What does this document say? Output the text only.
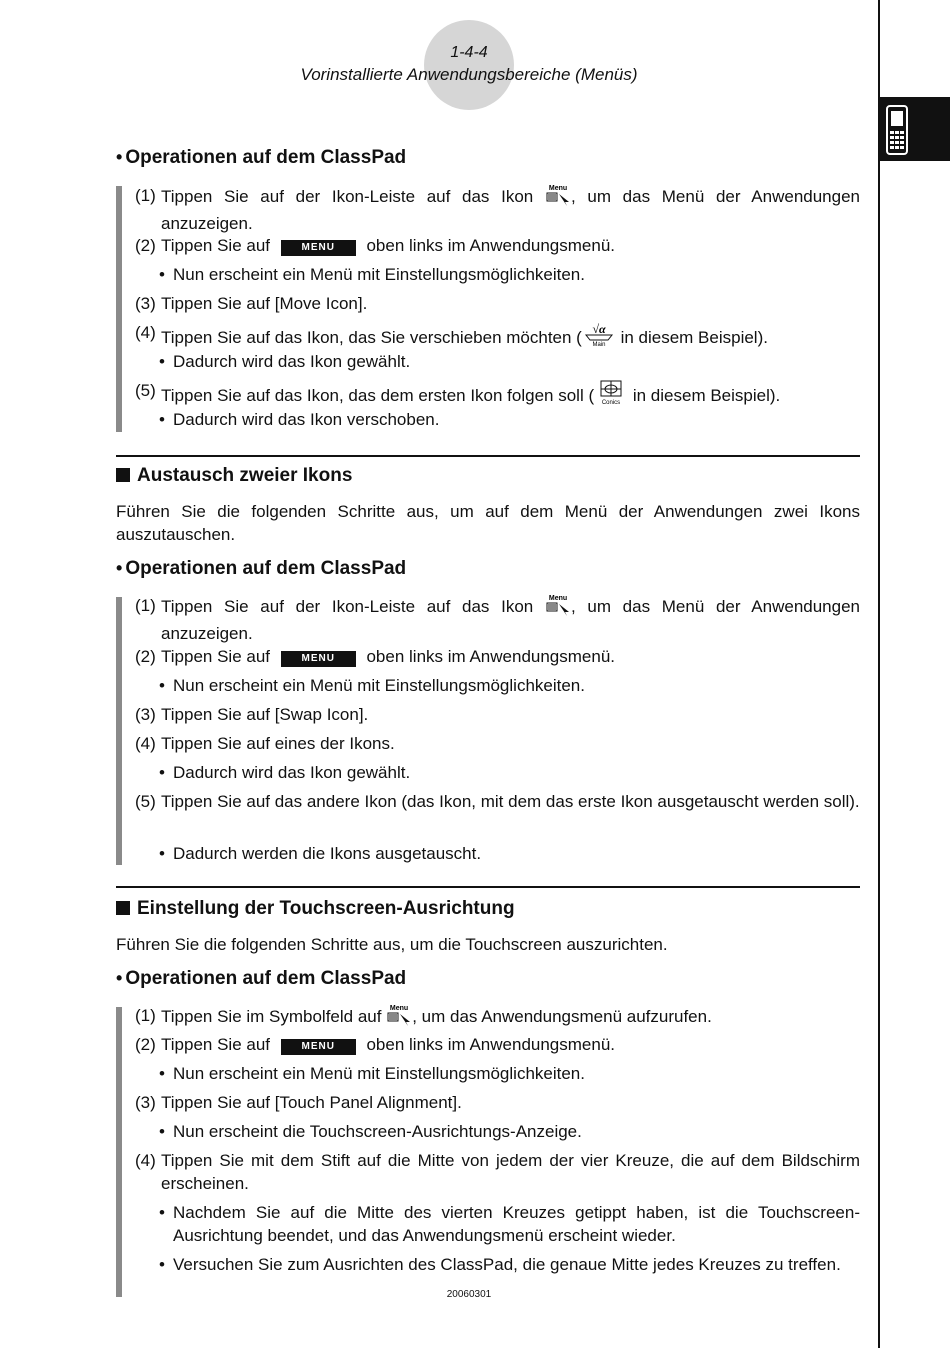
1-4-4
Vorinstallierte Anwendungsbereiche (Menüs)
• Operationen auf dem ClassPad
(1) Tippen Sie auf der Ikon-Leiste auf das Ikon Menu , um das Menü der Anwendungen anzuzeigen.
(2) Tippen Sie auf	MENU oben links im Anwendungsmenü.
• Nun erscheint ein Menü mit Einstellungsmöglichkeiten.
(3) Tippen Sie auf [Move Icon].
(4) Tippen Sie auf das Ikon, das Sie verschieben möchten ( √α
Main in diesem Beispiel).
• Dadurch wird das Ikon gewählt.
(5) Tippen Sie auf das Ikon, das dem ersten Ikon folgen soll ( Conics in diesem Beispiel).
• Dadurch wird das Ikon verschoben.
Austausch zweier Ikons
Führen Sie die folgenden Schritte aus, um auf dem Menü der Anwendungen zwei Ikons auszutauschen.
• Operationen auf dem ClassPad
(1) Tippen Sie auf der Ikon-Leiste auf das Ikon Menu , um das Menü der Anwendungen anzuzeigen.
(2) Tippen Sie auf	MENU oben links im Anwendungsmenü.
• Nun erscheint ein Menü mit Einstellungsmöglichkeiten.
(3) Tippen Sie auf [Swap Icon].
(4) Tippen Sie auf eines der Ikons.
• Dadurch wird das Ikon gewählt.
(5) Tippen Sie auf das andere Ikon (das Ikon, mit dem das erste Ikon ausgetauscht werden soll).
• Dadurch werden die Ikons ausgetauscht.
Einstellung der Touchscreen-Ausrichtung
Führen Sie die folgenden Schritte aus, um die Touchscreen auszurichten.
• Operationen auf dem ClassPad
(1) Tippen Sie im Symbolfeld auf Menu , um das Anwendungsmenü aufzurufen.
(2) Tippen Sie auf	MENU oben links im Anwendungsmenü.
• Nun erscheint ein Menü mit Einstellungsmöglichkeiten.
(3) Tippen Sie auf [Touch Panel Alignment].
• Nun erscheint die Touchscreen-Ausrichtungs-Anzeige.
(4) Tippen Sie mit dem Stift auf die Mitte von jedem der vier Kreuze, die auf dem Bildschirm erscheinen.
• Nachdem Sie auf die Mitte des vierten Kreuzes getippt haben, ist die Touchscreen-Ausrichtung beendet, und das Anwendungsmenü erscheint wieder.
• Versuchen Sie zum Ausrichten des ClassPad, die genaue Mitte jedes Kreuzes zu treffen.
20060301
